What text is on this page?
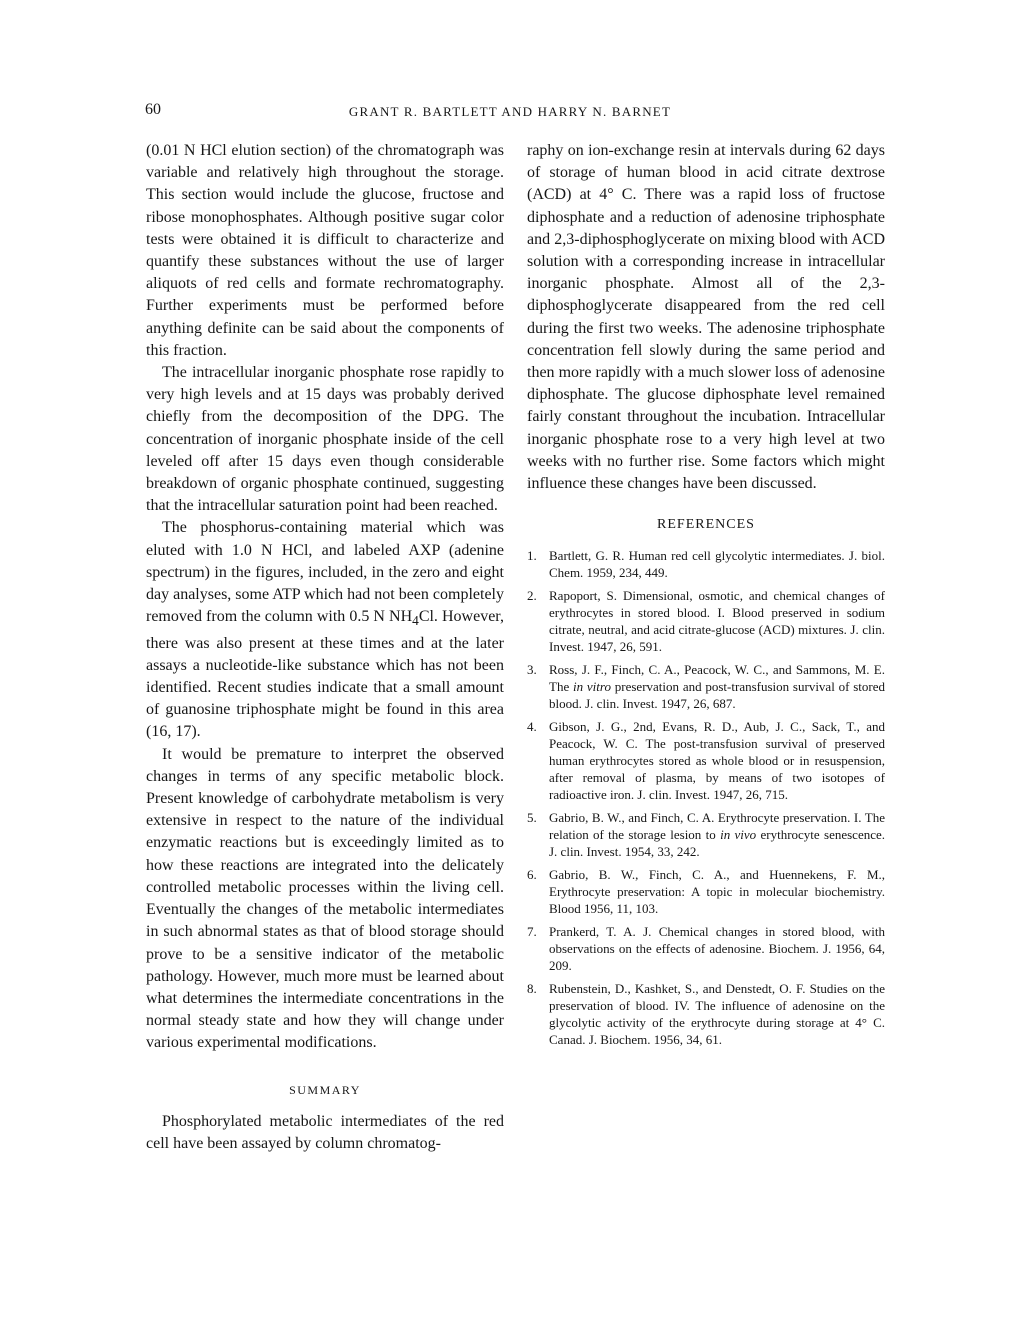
60	GRANT R. BARTLETT AND HARRY N. BARNET

(0.01 N HCl elution section) of the chromatograph was variable and relatively high throughout the storage. This section would include the glucose, fructose and ribose monophosphates. Although positive sugar color tests were obtained it is difficult to characterize and quantify these substances without the use of larger aliquots of red cells and formate rechromatography. Further experiments must be performed before anything definite can be said about the components of this fraction.

The intracellular inorganic phosphate rose rapidly to very high levels and at 15 days was probably derived chiefly from the decomposition of the DPG. The concentration of inorganic phosphate inside of the cell leveled off after 15 days even though considerable breakdown of organic phosphate continued, suggesting that the intracellular saturation point had been reached.

The phosphorus-containing material which was eluted with 1.0 N HCl, and labeled AXP (adenine spectrum) in the figures, included, in the zero and eight day analyses, some ATP which had not been completely removed from the column with 0.5 N $NH_4Cl$. However, there was also present at these times and at the later assays a nucleotide-like substance which has not been identified. Recent studies indicate that a small amount of guanosine triphosphate might be found in this area (16, 17).

It would be premature to interpret the observed changes in terms of any specific metabolic block. Present knowledge of carbohydrate metabolism is very extensive in respect to the nature of the individual enzymatic reactions but is exceedingly limited as to how these reactions are integrated into the delicately controlled metabolic processes within the living cell. Eventually the changes of the metabolic intermediates in such abnormal states as that of blood storage should prove to be a sensitive indicator of the metabolic pathology. However, much more must be learned about what determines the intermediate concentrations in the normal steady state and how they will change under various experimental modifications.

SUMMARY

Phosphorylated metabolic intermediates of the red cell have been assayed by column chromatog-

raphy on ion-exchange resin at intervals during 62 days of storage of human blood in acid citrate dextrose (ACD) at 4° C. There was a rapid loss of fructose diphosphate and a reduction of adenosine triphosphate and 2,3-diphosphoglycerate on mixing blood with ACD solution with a corresponding increase in intracellular inorganic phosphate. Almost all of the 2,3-diphosphoglycerate disappeared from the red cell during the first two weeks. The adenosine triphosphate concentration fell slowly during the same period and then more rapidly with a much slower loss of adenosine diphosphate. The glucose diphosphate level remained fairly constant throughout the incubation. Intracellular inorganic phosphate rose to a very high level at two weeks with no further rise. Some factors which might influence these changes have been discussed.

REFERENCES
1. Bartlett, G. R. Human red cell glycolytic intermediates. J. biol. Chem. 1959, 234, 449.
2. Rapoport, S. Dimensional, osmotic, and chemical changes of erythrocytes in stored blood. I. Blood preserved in sodium citrate, neutral, and acid citrate-glucose (ACD) mixtures. J. clin. Invest. 1947, 26, 591.
3. Ross, J. F., Finch, C. A., Peacock, W. C., and Sammons, M. E. The in vitro preservation and post-transfusion survival of stored blood. J. clin. Invest. 1947, 26, 687.
4. Gibson, J. G., 2nd, Evans, R. D., Aub, J. C., Sack, T., and Peacock, W. C. The post-transfusion survival of preserved human erythrocytes stored as whole blood or in resuspension, after removal of plasma, by means of two isotopes of radioactive iron. J. clin. Invest. 1947, 26, 715.
5. Gabrio, B. W., and Finch, C. A. Erythrocyte preservation. I. The relation of the storage lesion to in vivo erythrocyte senescence. J. clin. Invest. 1954, 33, 242.
6. Gabrio, B. W., Finch, C. A., and Huennekens, F. M., Erythrocyte preservation: A topic in molecular biochemistry. Blood 1956, 11, 103.
7. Prankerd, T. A. J. Chemical changes in stored blood, with observations on the effects of adenosine. Biochem. J. 1956, 64, 209.
8. Rubenstein, D., Kashket, S., and Denstedt, O. F. Studies on the preservation of blood. IV. The influence of adenosine on the glycolytic activity of the erythrocyte during storage at 4° C. Canad. J. Biochem. 1956, 34, 61.
